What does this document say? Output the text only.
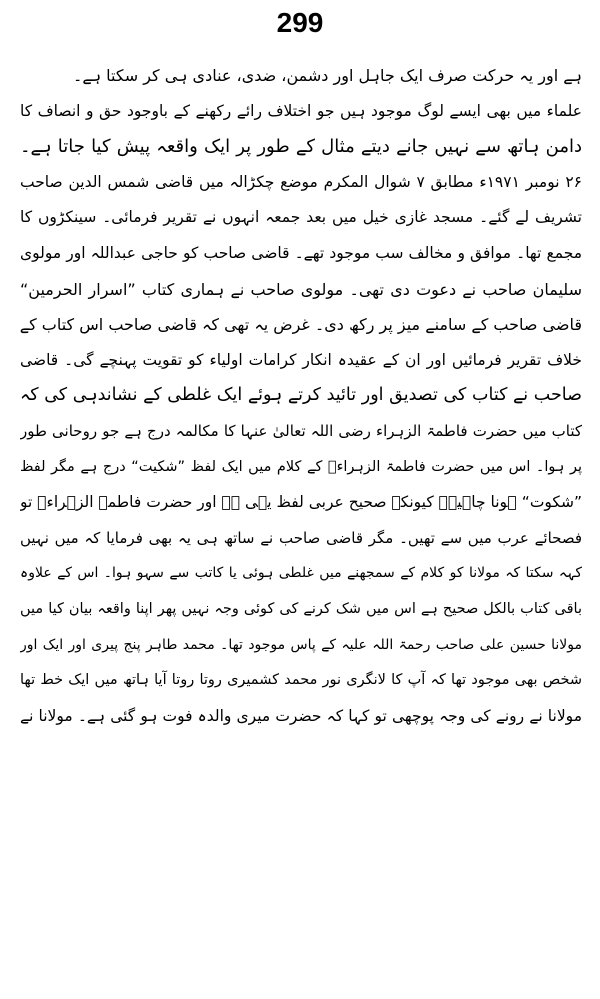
299
ہے اور یہ حرکت صرف ایک جاہل اور دشمن، ضدی، عنادی ہی کر سکتا ہے۔
علماء میں بھی ایسے لوگ موجود ہیں جو اختلاف رائے رکھنے کے باوجود حق و انصاف کا
دامن ہاتھ سے نہیں جانے دیتے مثال کے طور پر ایک واقعہ پیش کیا جاتا ہے۔
۲۶ نومبر ۱۹۷۱ء مطابق ۷ شوال المکرم موضع چکڑالہ میں قاضی شمس الدین صاحب
تشریف لے گئے۔ مسجد غازی خیل میں بعد جمعہ انہوں نے تقریر فرمائی۔ سینکڑوں کا
مجمع تھا۔ موافق و مخالف سب موجود تھے۔ قاضی صاحب کو حاجی عبداللہ اور مولوی
سلیمان صاحب نے دعوت دی تھی۔ مولوی صاحب نے ہماری کتاب ”اسرار الحرمین“
قاضی صاحب کے سامنے میز پر رکھ دی۔ غرض یہ تھی کہ قاضی صاحب اس کتاب کے
خلاف تقریر فرمائیں اور ان کے عقیدہ انکار کرامات اولیاء کو تقویت پہنچے گی۔ قاضی
صاحب نے کتاب کی تصدیق اور تائید کرتے ہوئے ایک غلطی کے نشاندہی کی کہ
کتاب میں حضرت فاطمۃ الزہراء رضی اللہ تعالیٰ عنہا کا مکالمہ درج ہے جو روحانی طور
پر ہوا۔ اس میں حضرت فاطمۃ الزہراءؓ کے کلام میں ایک لفظ ”شکیت“ درج ہے مگر لفظ
”شکوت“ ہونا چاہیے۔ کیونکہ صحیح عربی لفظ یہی ہے اور حضرت فاطمۃ الزہراءؓ تو
فصحائے عرب میں سے تھیں۔ مگر قاضی صاحب نے ساتھ ہی یہ بھی فرمایا کہ میں نہیں
کہہ سکتا کہ مولانا کو کلام کے سمجھنے میں غلطی ہوئی یا کاتب سے سہو ہوا۔ اس کے علاوہ
باقی کتاب بالکل صحیح ہے اس میں شک کرنے کی کوئی وجہ نہیں پھر اپنا واقعہ بیان کیا میں
مولانا حسین علی صاحب رحمۃ اللہ علیہ کے پاس موجود تھا۔ محمد طاہر پنج پیری اور ایک اور
شخص بھی موجود تھا کہ آپ کا لانگری نور محمد کشمیری روتا روتا آیا ہاتھ میں ایک خط تھا
مولانا نے رونے کی وجہ پوچھی تو کہا کہ حضرت میری والدہ فوت ہو گئی ہے۔ مولانا نے
